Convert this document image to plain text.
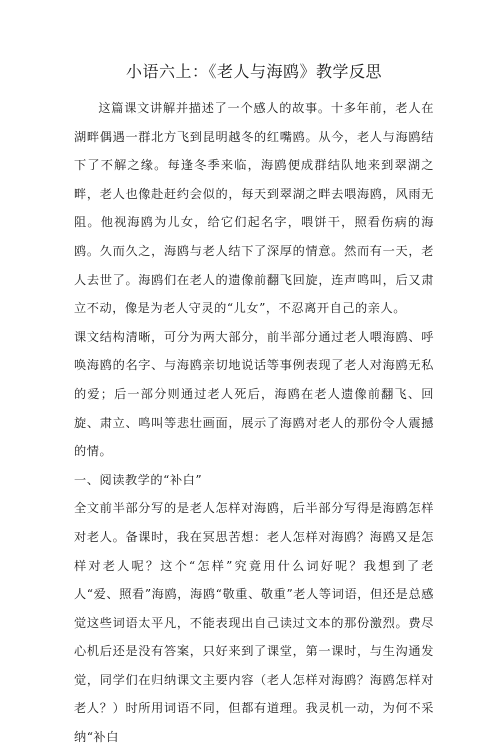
小语六上：《老人与海鸥》教学反思

这篇课文讲解并描述了一个感人的故事。十多年前，老人在湖畔偶遇一群北方飞到昆明越冬的红嘴鸥。从今，老人与海鸥结下了不解之缘。每逢冬季来临，海鸥便成群结队地来到翠湖之畔，老人也像赴赶约会似的，每天到翠湖之畔去喂海鸥，风雨无阻。他视海鸥为儿女，给它们起名字，喂饼干，照看伤病的海鸥。久而久之，海鸥与老人结下了深厚的情意。然而有一天，老人去世了。海鸥们在老人的遗像前翻飞回旋，连声鸣叫，后又肃立不动，像是为老人守灵的“儿女”，不忍离开自己的亲人。

课文结构清晰，可分为两大部分，前半部分通过老人喂海鸥、呼唤海鸥的名字、与海鸥亲切地说话等事例表现了老人对海鸥无私的爱；后一部分则通过老人死后，海鸥在老人遗像前翻飞、回旋、肃立、鸣叫等悲壮画面，展示了海鸥对老人的那份令人震撼的情。

一、阅读教学的“补白”

全文前半部分写的是老人怎样对海鸥，后半部分写得是海鸥怎样对老人。备课时，我在冥思苦想：老人怎样对海鸥？海鸥又是怎样对老人呢？这个“怎样”究竟用什么词好呢？我想到了老人“爱、照看”海鸥，海鸥“敬重、敬重”老人等词语，但还是总感觉这些词语太平凡，不能表现出自己读过文本的那份激烈。费尽心机后还是没有答案，只好来到了课堂，第一课时，与生沟通发觉，同学们在归纳课文主要内容（老人怎样对海鸥？海鸥怎样对老人？）时所用词语不同，但都有道理。我灵机一动，为何不采纳“补白
